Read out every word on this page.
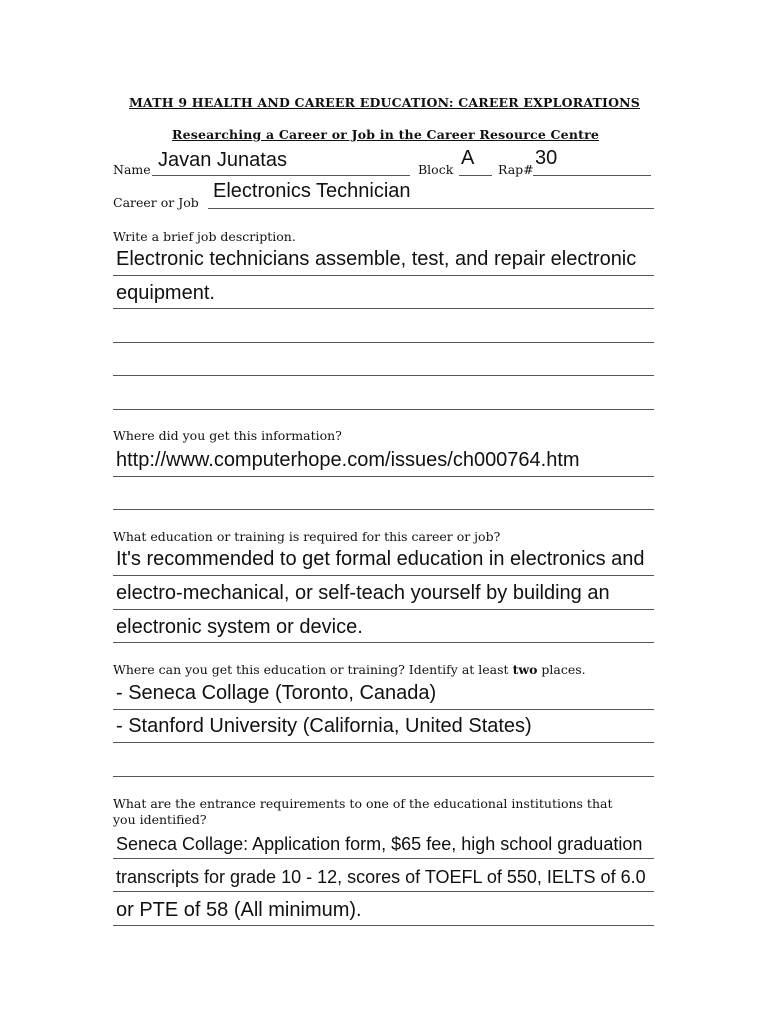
MATH 9 HEALTH AND CAREER EDUCATION: CAREER EXPLORATIONS
Researching a Career or Job in the Career Resource Centre
Name Javan Junatas	Block
A
Rap#
30
Career or Job
Electronics Technician
Write a brief job description.
Electronic technicians assemble, test, and repair electronic
equipment.
Where did you get this information?
http://www.computerhope.com/issues/ch000764.htm
What education or training is required for this career or job?
It's recommended to get formal education in electronics and
electro-mechanical, or self-teach yourself by building an
electronic system or device.
Where can you get this education or training? Identify at least two places.
- Seneca Collage (Toronto, Canada)
- Stanford University (California, United States)
What are the entrance requirements to one of the educational institutions that
you identified?
Seneca Collage: Application form, $65 fee, high school graduation
transcripts for grade 10 - 12, scores of TOEFL of 550, IELTS of 6.0
or PTE of 58 (All minimum).
